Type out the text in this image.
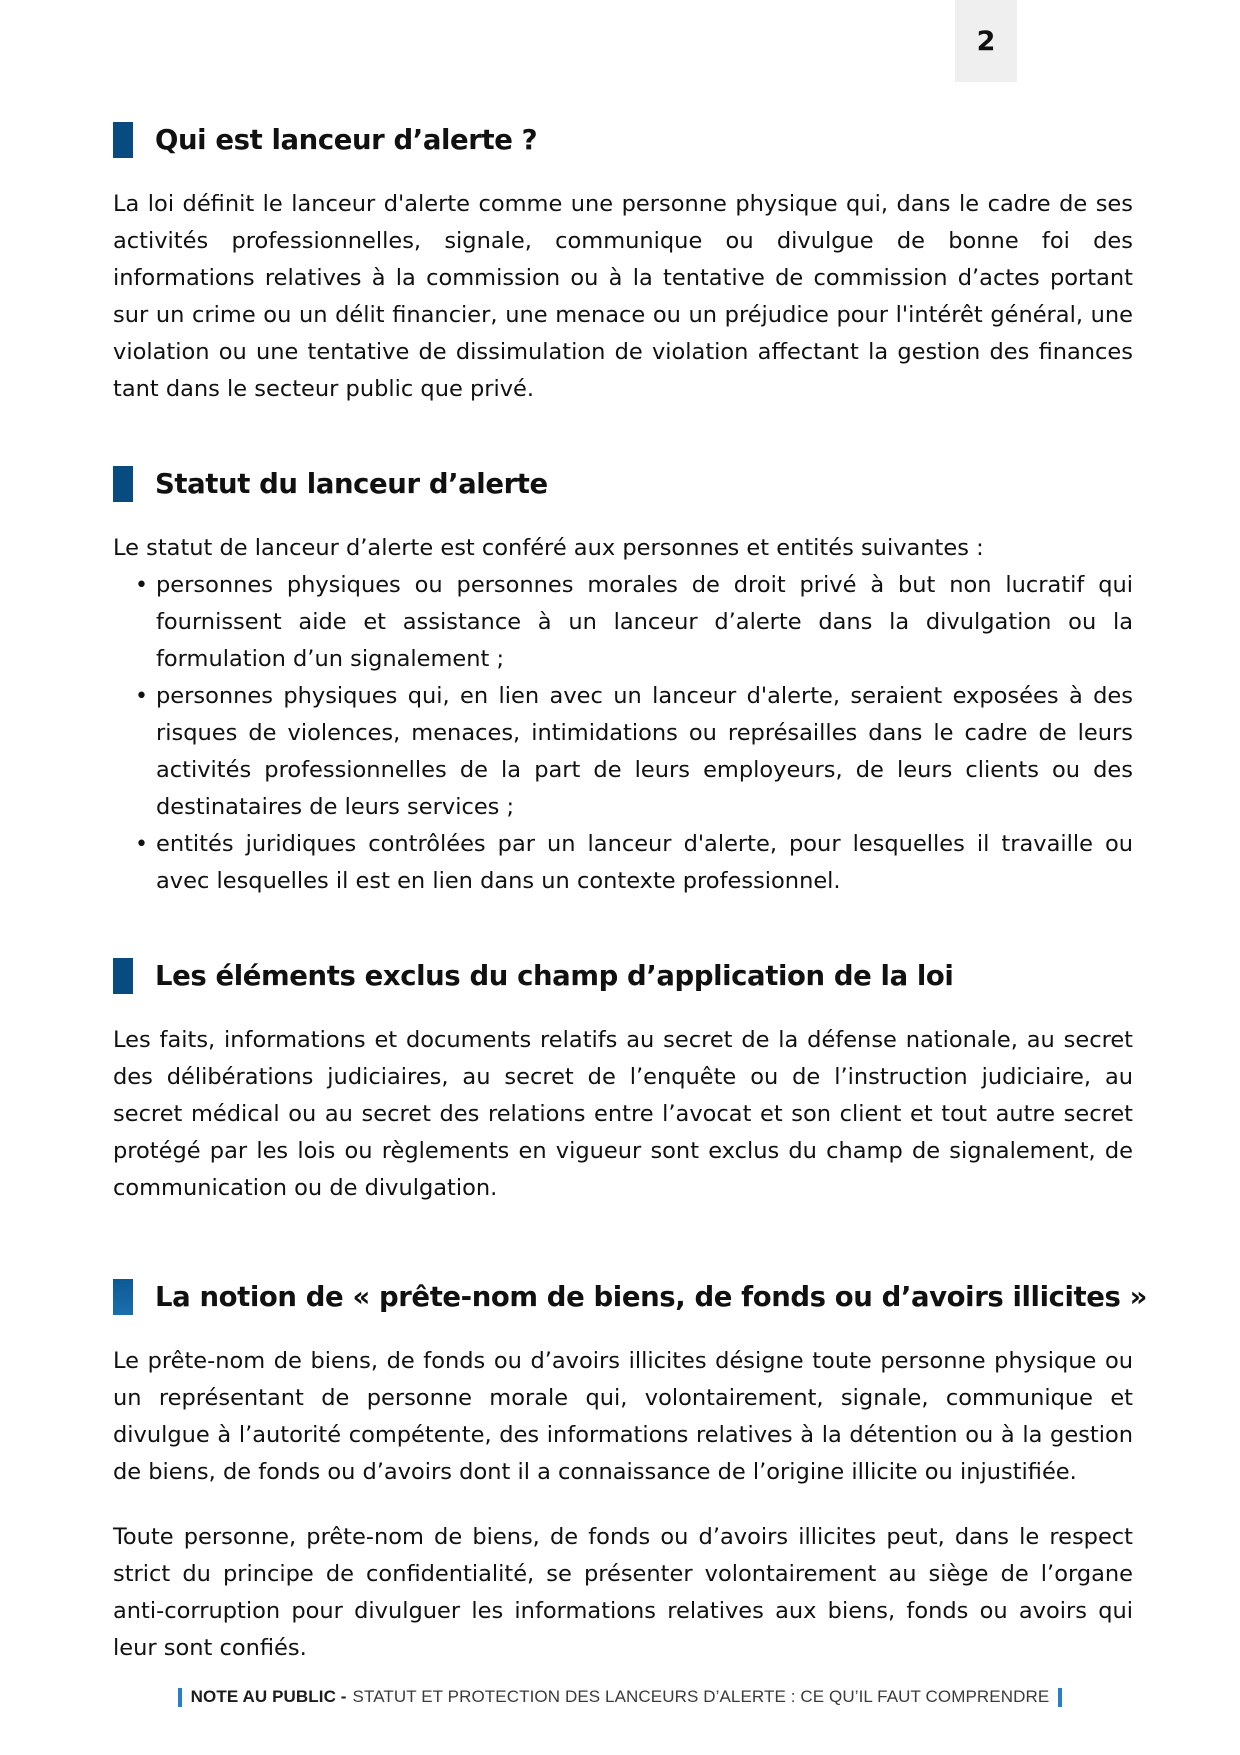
2
Qui est lanceur d’alerte ?

La loi définit le lanceur d'alerte comme une personne physique qui, dans le cadre de ses activités professionnelles, signale, communique ou divulgue de bonne foi des informations relatives à la commission ou à la tentative de commission d’actes portant sur un crime ou un délit financier, une menace ou un préjudice pour l'intérêt général, une violation ou une tentative de dissimulation de violation affectant la gestion des finances tant dans le secteur public que privé.

Statut du lanceur d’alerte

Le statut de lanceur d’alerte est conféré aux personnes et entités suivantes :

• personnes physiques ou personnes morales de droit privé à but non lucratif qui fournissent aide et assistance à un lanceur d’alerte dans la divulgation ou la formulation d’un signalement ;
• personnes physiques qui, en lien avec un lanceur d'alerte, seraient exposées à des risques de violences, menaces, intimidations ou représailles dans le cadre de leurs activités professionnelles de la part de leurs employeurs, de leurs clients ou des destinataires de leurs services ;
• entités juridiques contrôlées par un lanceur d'alerte, pour lesquelles il travaille ou avec lesquelles il est en lien dans un contexte professionnel.
Les éléments exclus du champ d’application de la loi

Les faits, informations et documents relatifs au secret de la défense nationale, au secret des délibérations judiciaires, au secret de l’enquête ou de l’instruction judiciaire, au secret médical ou au secret des relations entre l’avocat et son client et tout autre secret protégé par les lois ou règlements en vigueur sont exclus du champ de signalement, de communication ou de divulgation.

La notion de « prête-nom de biens, de fonds ou d’avoirs illicites »

Le prête-nom de biens, de fonds ou d’avoirs illicites désigne toute personne physique ou un représentant de personne morale qui, volontairement, signale, communique et divulgue à l’autorité compétente, des informations relatives à la détention ou à la gestion de biens, de fonds ou d’avoirs dont il a connaissance de l’origine illicite ou injustifiée.

Toute personne, prête-nom de biens, de fonds ou d’avoirs illicites peut, dans le respect strict du principe de confidentialité, se présenter volontairement au siège de l’organe anti-corruption pour divulguer les informations relatives aux biens, fonds ou avoirs qui leur sont confiés.

NOTE AU PUBLIC - STATUT ET PROTECTION DES LANCEURS D’ALERTE : CE QU’IL FAUT COMPRENDRE
